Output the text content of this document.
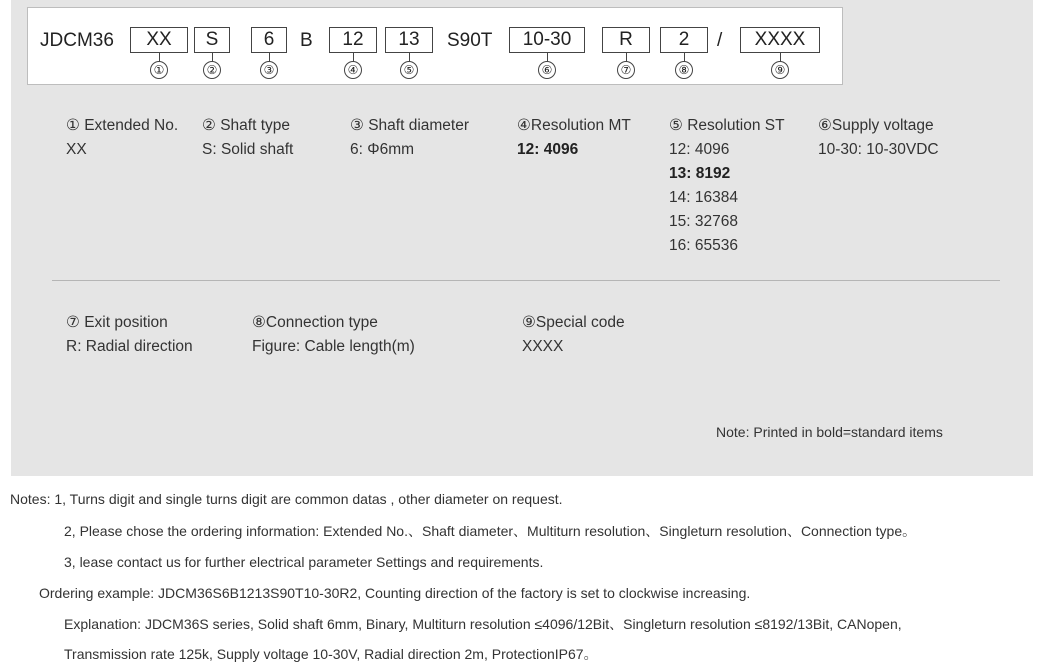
JDCM36	XX	S	6	B	12	13	S90T	10-30	R	2	/	XXXX
①	②	③	④	⑤	⑥	⑦	⑧	⑨
① Extended No.
XX
② Shaft type
S: Solid shaft
③ Shaft diameter
6: Φ6mm
④Resolution MT
12: 4096
⑤ Resolution ST
12: 4096
13: 8192
14: 16384
15: 32768
16: 65536
⑥Supply voltage
10-30: 10-30VDC
⑦ Exit position
R: Radial direction
⑧Connection type
Figure: Cable length(m)
⑨Special code
XXXX
Note: Printed in bold=standard items
Notes: 1, Turns digit and single turns digit are common datas , other diameter on request.
2, Please chose the ordering information: Extended No.、Shaft diameter、Multiturn resolution、Singleturn resolution、Connection type。
3, lease contact us for further electrical parameter Settings and requirements.
Ordering example: JDCM36S6B1213S90T10-30R2, Counting direction of the factory is set to clockwise increasing.
Explanation: JDCM36S series, Solid shaft 6mm, Binary, Multiturn resolution ≤4096/12Bit、Singleturn resolution ≤8192/13Bit, CANopen,
Transmission rate 125k, Supply voltage 10-30V, Radial direction 2m, ProtectionIP67。
